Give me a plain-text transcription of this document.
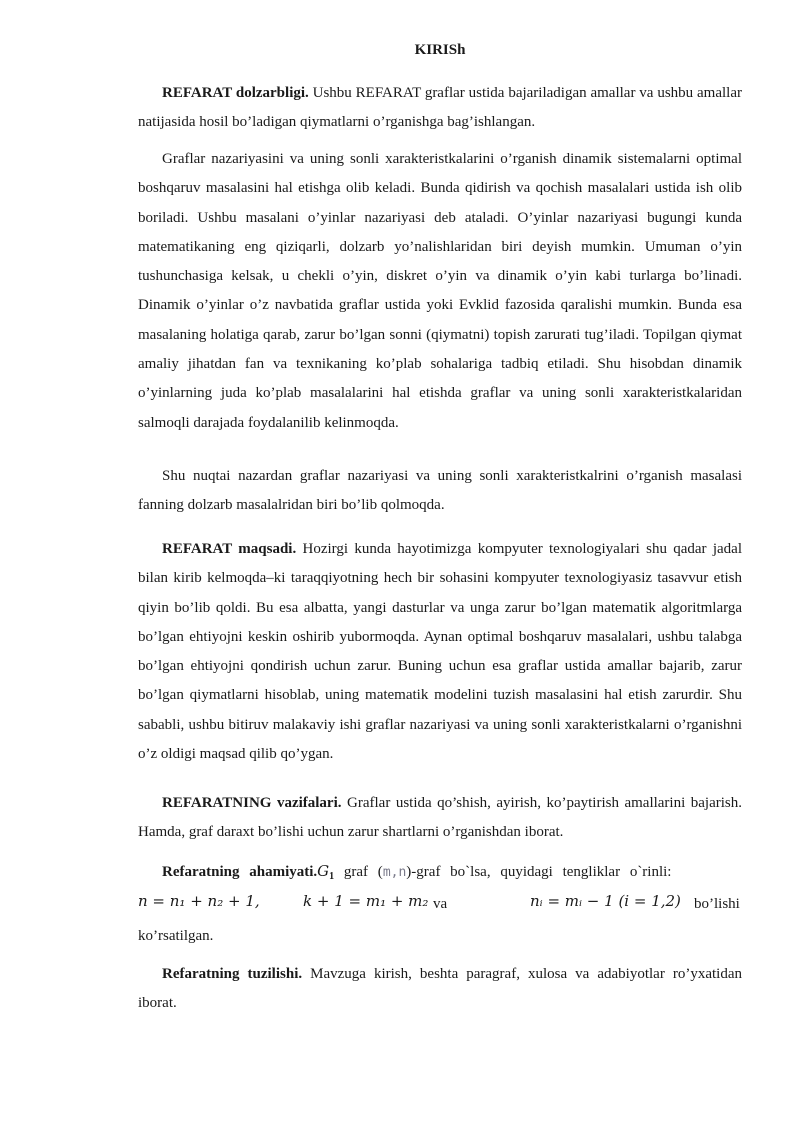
KIRISh

REFARAT dolzarbligi. Ushbu REFARAT graflar ustida bajariladigan amallar va ushbu amallar natijasida hosil bo’ladigan qiymatlarni o’rganishga bag’ishlangan.

Graflar nazariyasini va uning sonli xarakteristkalarini o’rganish dinamik sistemalarni optimal boshqaruv masalasini hal etishga olib keladi. Bunda qidirish va qochish masalalari ustida ish olib boriladi. Ushbu masalani o’yinlar nazariyasi deb ataladi. O’yinlar nazariyasi bugungi kunda matematikaning eng qiziqarli, dolzarb yo’nalishlaridan biri deyish mumkin. Umuman o’yin tushunchasiga kelsak, u chekli o’yin, diskret o’yin va dinamik o’yin kabi turlarga bo’linadi. Dinamik o’yinlar o’z navbatida graflar ustida yoki Evklid fazosida qaralishi mumkin. Bunda esa masalaning holatiga qarab, zarur bo’lgan sonni (qiymatni) topish zarurati tug’iladi. Topilgan qiymat amaliy jihatdan fan va texnikaning ko’plab sohalariga tadbiq etiladi. Shu hisobdan dinamik o’yinlarning juda ko’plab masalalarini hal etishda graflar va uning sonli xarakteristkalaridan salmoqli darajada foydalanilib kelinmoqda.

Shu nuqtai nazardan graflar nazariyasi va uning sonli xarakteristkalrini o’rganish masalasi fanning dolzarb masalalridan biri bo’lib qolmoqda.

REFARAT maqsadi. Hozirgi kunda hayotimizga kompyuter texnologiyalari shu qadar jadal bilan kirib kelmoqda–ki taraqqiyotning hech bir sohasini kompyuter texnologiyasiz tasavvur etish qiyin bo’lib qoldi. Bu esa albatta, yangi dasturlar va unga zarur bo’lgan matematik algoritmlarga bo’lgan ehtiyojni keskin oshirib yubormoqda. Aynan optimal boshqaruv masalalari, ushbu talabga bo’lgan ehtiyojni qondirish uchun zarur. Buning uchun esa graflar ustida amallar bajarib, zarur bo’lgan qiymatlarni hisoblab, uning matematik modelini tuzish masalasini hal etish zarurdir. Shu sababli, ushbu bitiruv malakaviy ishi graflar nazariyasi va uning sonli xarakteristkalarni o’rganishni o’z oldigi maqsad qilib qo’ygan.

REFARATNING vazifalari. Graflar ustida qo’shish, ayirish, ko’paytirish amallarini bajarish. Hamda, graf daraxt bo’lishi uchun zarur shartlarni o’rganishdan iborat.

Refaratning $ahamiyati.G_1$ graf (m,n)-graf bo`lsa, quyidagi tengliklar o`rinli:

n = n₁ + n₂ + 1,	k + 1 = m₁ + m₂ va	nᵢ = mᵢ − 1 (i = 1,2) bo’lishi

ko’rsatilgan.

Refaratning tuzilishi. Mavzuga kirish, beshta paragraf, xulosa va adabiyotlar ro’yxatidan iborat.
